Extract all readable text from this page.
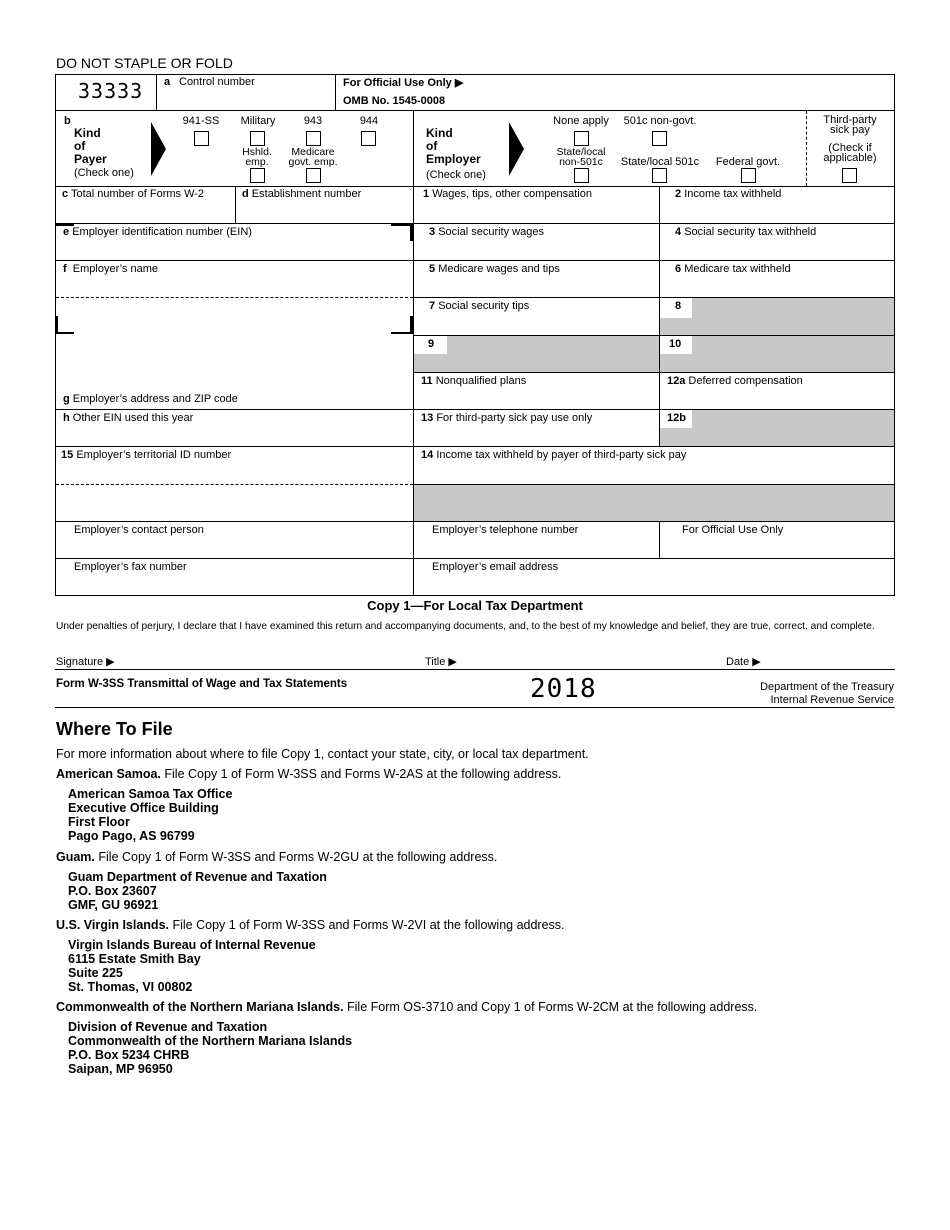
DO NOT STAPLE OR FOLD
33333 a Control number	For Official Use Only ▶
OMB No. 1545-0008
b
Kind
of
Payer
(Check one)
941-SS	Military	943	944
Hshld. emp.
Medicare govt. emp.
Kind
of
Employer
(Check one)
None apply	501c non-govt.
State/local non-501c	State/local 501c	Federal govt.
Third-party
sick pay
(Check if
applicable)
c Total number of Forms W-2	d Establishment number
e Employer identification number (EIN)
f Employer’s name
g Employer’s address and ZIP code
h Other EIN used this year
15 Employer’s territorial ID number
1 Wages, tips, other compensation	2 Income tax withheld
3 Social security wages	4 Social security tax withheld
5 Medicare wages and tips	6 Medicare tax withheld
7 Social security tips	8
9	10
11 Nonqualified plans	12a Deferred compensation
13 For third-party sick pay use only	12b
14 Income tax withheld by payer of third-party sick pay
Employer’s contact person	Employer’s telephone number	For Official Use Only
Employer’s fax number	Employer’s email address
Copy 1—For Local Tax Department
Under penalties of perjury, I declare that I have examined this return and accompanying documents, and, to the best of my knowledge and belief, they are true, correct, and complete.
Signature ▶	Title ▶	Date ▶
Form W-3SS Transmittal of Wage and Tax Statements	2018	Department of the Treasury
Internal Revenue Service
Where To File
For more information about where to file Copy 1, contact your state, city, or local tax department.
American Samoa. File Copy 1 of Form W-3SS and Forms W-2AS at the following address.
American Samoa Tax Office
Executive Office Building
First Floor
Pago Pago, AS 96799
Guam. File Copy 1 of Form W-3SS and Forms W-2GU at the following address.
Guam Department of Revenue and Taxation
P.O. Box 23607
GMF, GU 96921
U.S. Virgin Islands. File Copy 1 of Form W-3SS and Forms W-2VI at the following address.
Virgin Islands Bureau of Internal Revenue
6115 Estate Smith Bay
Suite 225
St. Thomas, VI 00802
Commonwealth of the Northern Mariana Islands. File Form OS-3710 and Copy 1 of Forms W-2CM at the following address.
Division of Revenue and Taxation
Commonwealth of the Northern Mariana Islands
P.O. Box 5234 CHRB
Saipan, MP 96950
